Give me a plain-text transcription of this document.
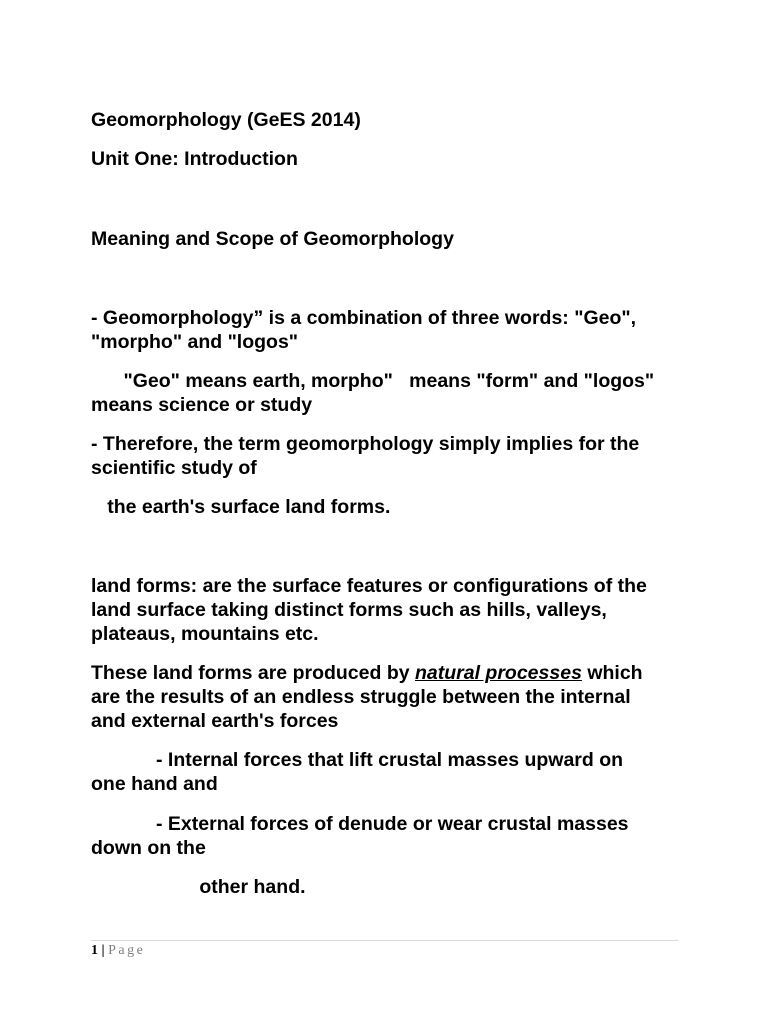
Geomorphology (GeES 2014)

Unit One: Introduction

Meaning and Scope of Geomorphology

- Geomorphology” is a combination of three words: "Geo",

"morpho" and "logos"

"Geo" means earth, morpho"   means "form" and "logos"

means science or study

- Therefore, the term geomorphology simply implies for the

scientific study of

the earth's surface land forms.

land forms: are the surface features or configurations of the

land surface taking distinct forms such as hills, valleys,

plateaus, mountains etc.

These land forms are produced by natural processes which

are the results of an endless struggle between the internal

and external earth's forces

- Internal forces that lift crustal masses upward on

one hand and

- External forces of denude or wear crustal masses

down on the

other hand.

1 | Page
